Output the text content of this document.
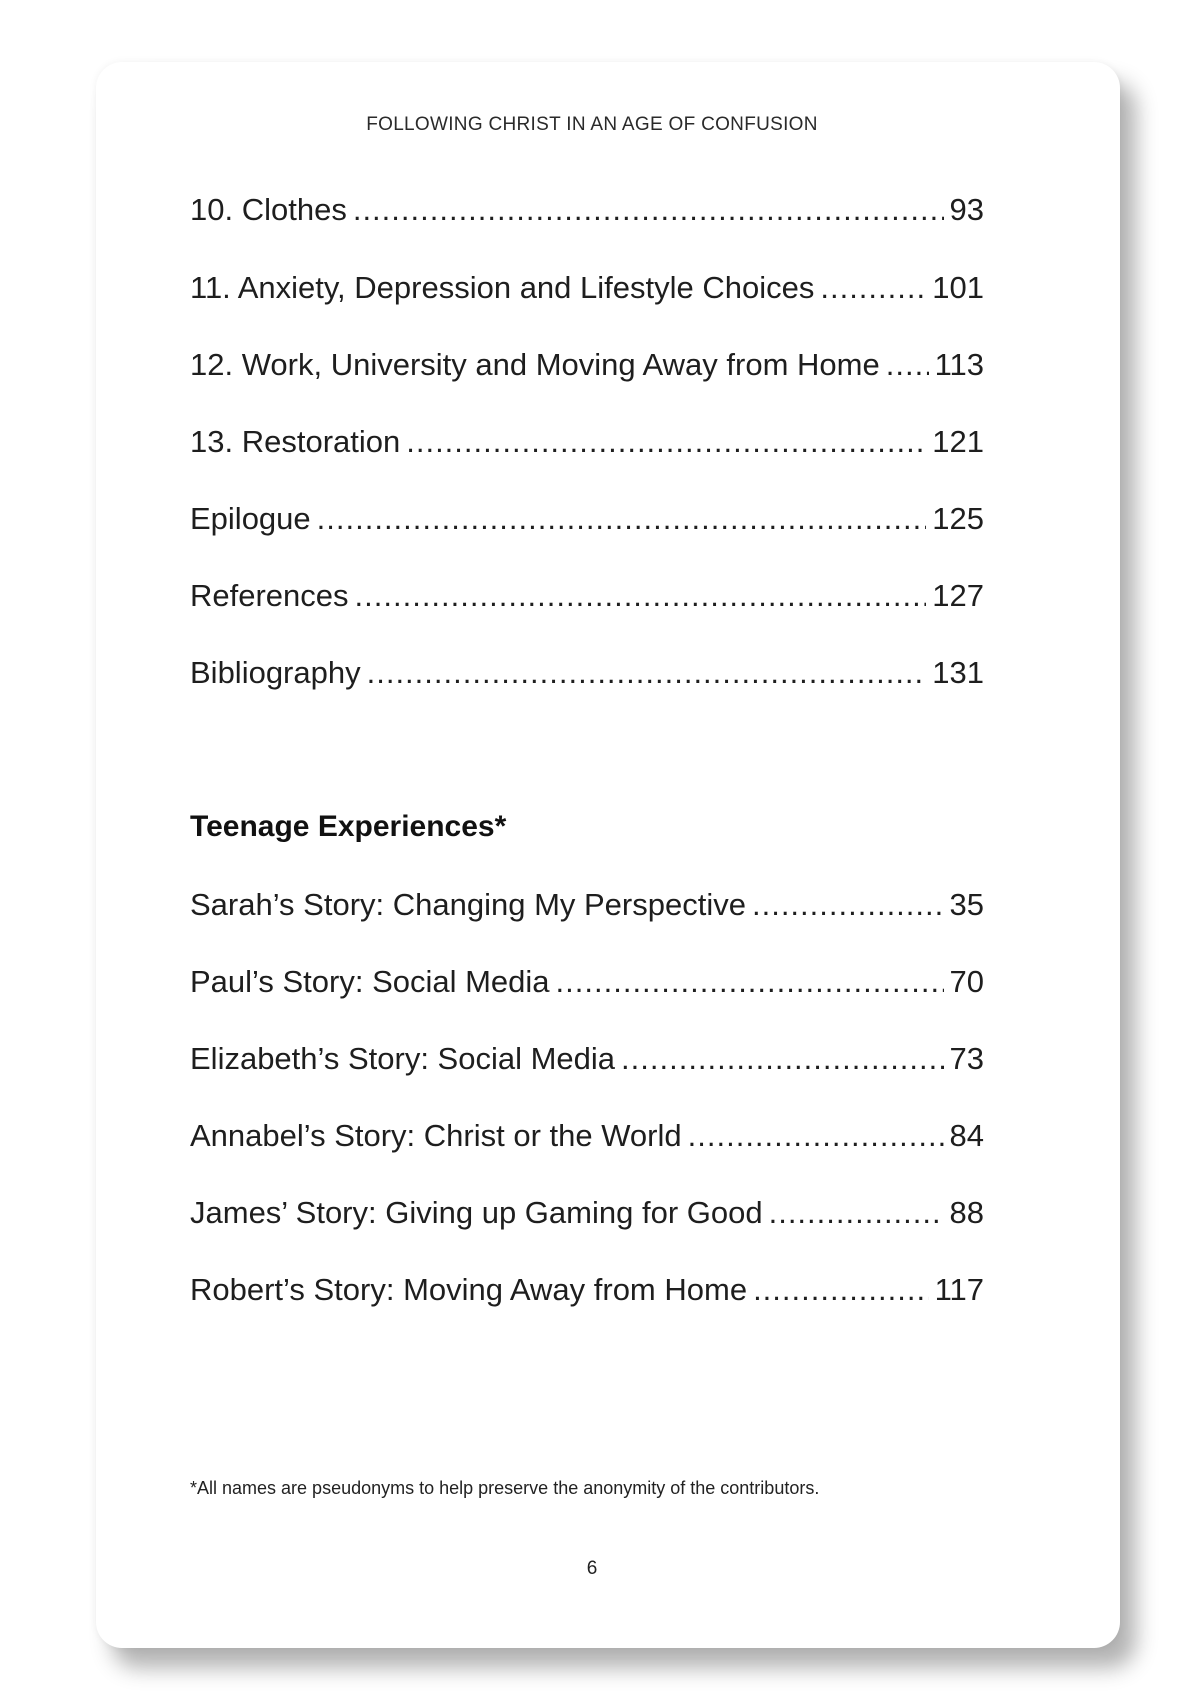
FOLLOWING CHRIST IN AN AGE OF CONFUSION
10. Clothes .....	93
11. Anxiety, Depression and Lifestyle Choices .....	101
12. Work, University and Moving Away from Home ..... 113
13. Restoration .....	121
Epilogue .....	125
References .....	127
Bibliography .....	131
Teenage Experiences*
Sarah’s Story: Changing My Perspective .....	35
Paul’s Story: Social Media .....	70
Elizabeth’s Story: Social Media .....	73
Annabel’s Story: Christ or the World .....	84
James’ Story: Giving up Gaming for Good .....	88
Robert’s Story: Moving Away from Home .....	117
*All names are pseudonyms to help preserve the anonymity of the contributors.
6
